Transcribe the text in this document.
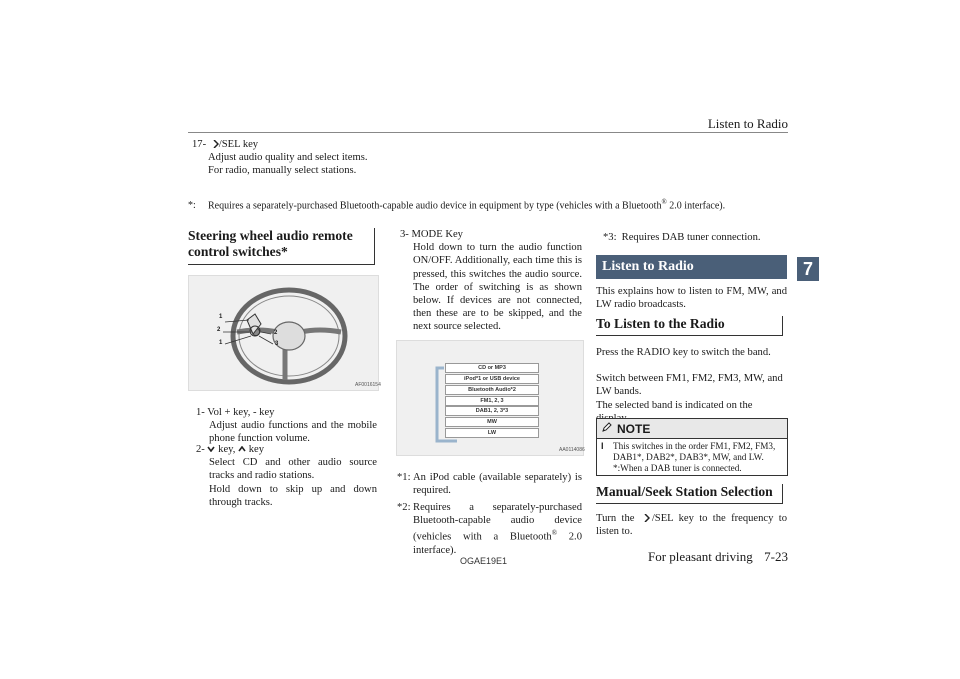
Listen to Radio
7

17- /SEL key

Adjust audio quality and select items.

For radio, manually select stations.

*: Requires a separately-purchased Bluetooth-capable audio device in equipment by type (vehicles with a Bluetooth® 2.0 interface).
Steering wheel audio remote
control switches*
1
2
1
2
3
AF0016154

1- Vol + key, - key

Adjust audio functions and the mobile phone function volume.

2- key, key

Select CD and other audio source tracks and radio stations.

Hold down to skip up and down through tracks.

3- MODE Key

Hold down to turn the audio function ON/OFF. Additionally, each time this is pressed, this switches the audio source. The order of switching is as shown below. If devices are not connected, then these are to be skipped, and the next source selected.

CD or MP3
iPod*1 or USB device
Bluetooth Audio*2
FM1, 2, 3
DAB1, 2, 3*3
MW
LW
AA0114086
*1: An iPod cable (available separately) is required.
*2: Requires a separately-purchased Bluetooth-capable audio device (vehicles with a Bluetooth® 2.0 interface).
OGAE19E1
*3: Requires DAB tuner connection.
Listen to Radio
This explains how to listen to FM, MW, and LW radio broadcasts.
To Listen to the Radio

Press the RADIO key to switch the band.

Switch between FM1, FM2, FM3, MW, and LW bands.

The selected band is indicated on the

NOTE
l	This switches in the order FM1, FM2, FM3, DAB1*, DAB2*, DAB3*, MW, and LW.
*:When a DAB tuner is connected.
Manual/Seek Station Selection
Turn the /SEL key to the frequency to listen to.
For pleasant driving 7-23
